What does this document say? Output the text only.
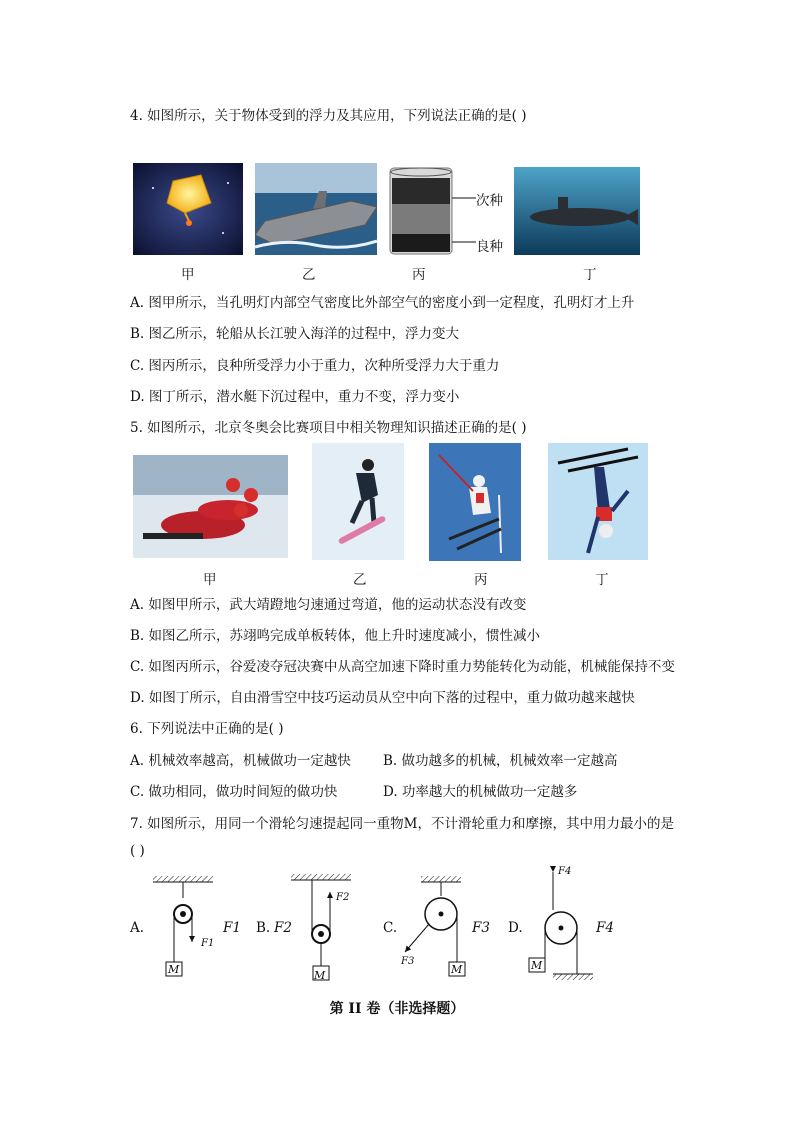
4. 如图所示，关于物体受到的浮力及其应用，下列说法正确的是( )
次种
良种
甲	乙	丙	丁
A. 图甲所示，当孔明灯内部空气密度比外部空气的密度小到一定程度，孔明灯才上升
B. 图乙所示，轮船从长江驶入海洋的过程中，浮力变大
C. 图丙所示，良种所受浮力小于重力，次种所受浮力大于重力
D. 图丁所示，潜水艇下沉过程中，重力不变，浮力变小
5. 如图所示，北京冬奥会比赛项目中相关物理知识描述正确的是( )
甲	乙	丙	丁
A. 如图甲所示，武大靖蹬地匀速通过弯道，他的运动状态没有改变
B. 如图乙所示，苏翊鸣完成单板转体，他上升时速度减小，惯性减小
C. 如图丙所示，谷爱凌夺冠决赛中从高空加速下降时重力势能转化为动能，机械能保持不变
D. 如图丁所示，自由滑雪空中技巧运动员从空中向下落的过程中，重力做功越来越快
6. 下列说法中正确的是( )
A. 机械效率越高，机械做功一定越快 B. 做功越多的机械，机械效率一定越高
C. 做功相同，做功时间短的做功快	D. 功率越大的机械做功一定越多
7. 如图所示，用同一个滑轮匀速提起同一重物M，不计滑轮重力和摩擦，其中用力最小的是
( )
A.	F1
F1
M
B. F2
F2
M
C.	F3
F3
M
D.	F4
F4
M
第 II 卷（非选择题）
